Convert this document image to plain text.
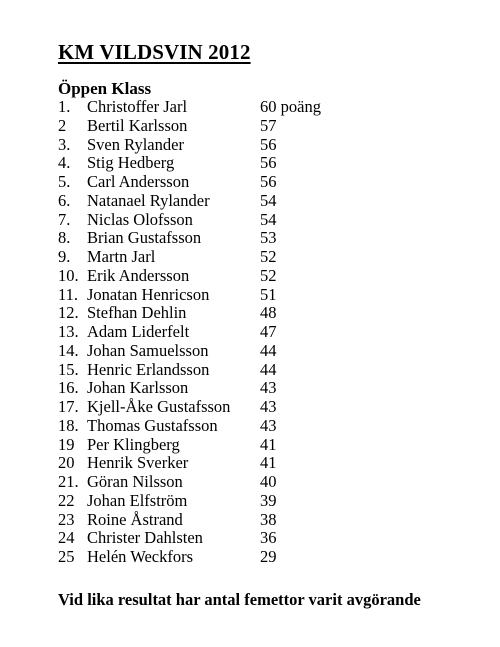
KM VILDSVIN 2012
Öppen Klass
1. Christoffer Jarl	60 poäng
2 Bertil Karlsson	57
3. Sven Rylander	56
4. Stig Hedberg	56
5. Carl Andersson	56
6. Natanael Rylander	54
7. Niclas Olofsson	54
8. Brian Gustafsson	53
9. Martn Jarl	52
10. Erik Andersson	52
11. Jonatan Henricson	51
12. Stefhan Dehlin	48
13. Adam Liderfelt	47
14. Johan Samuelsson	44
15. Henric Erlandsson	44
16. Johan Karlsson	43
17. Kjell-Åke Gustafsson 43
18. Thomas Gustafsson	43
19 Per Klingberg	41
20 Henrik Sverker	41
21. Göran Nilsson	40
22 Johan Elfström	39
23 Roine Åstrand	38
24 Christer Dahlsten	36
25 Helén Weckfors	29
Vid lika resultat har antal femettor varit avgörande
